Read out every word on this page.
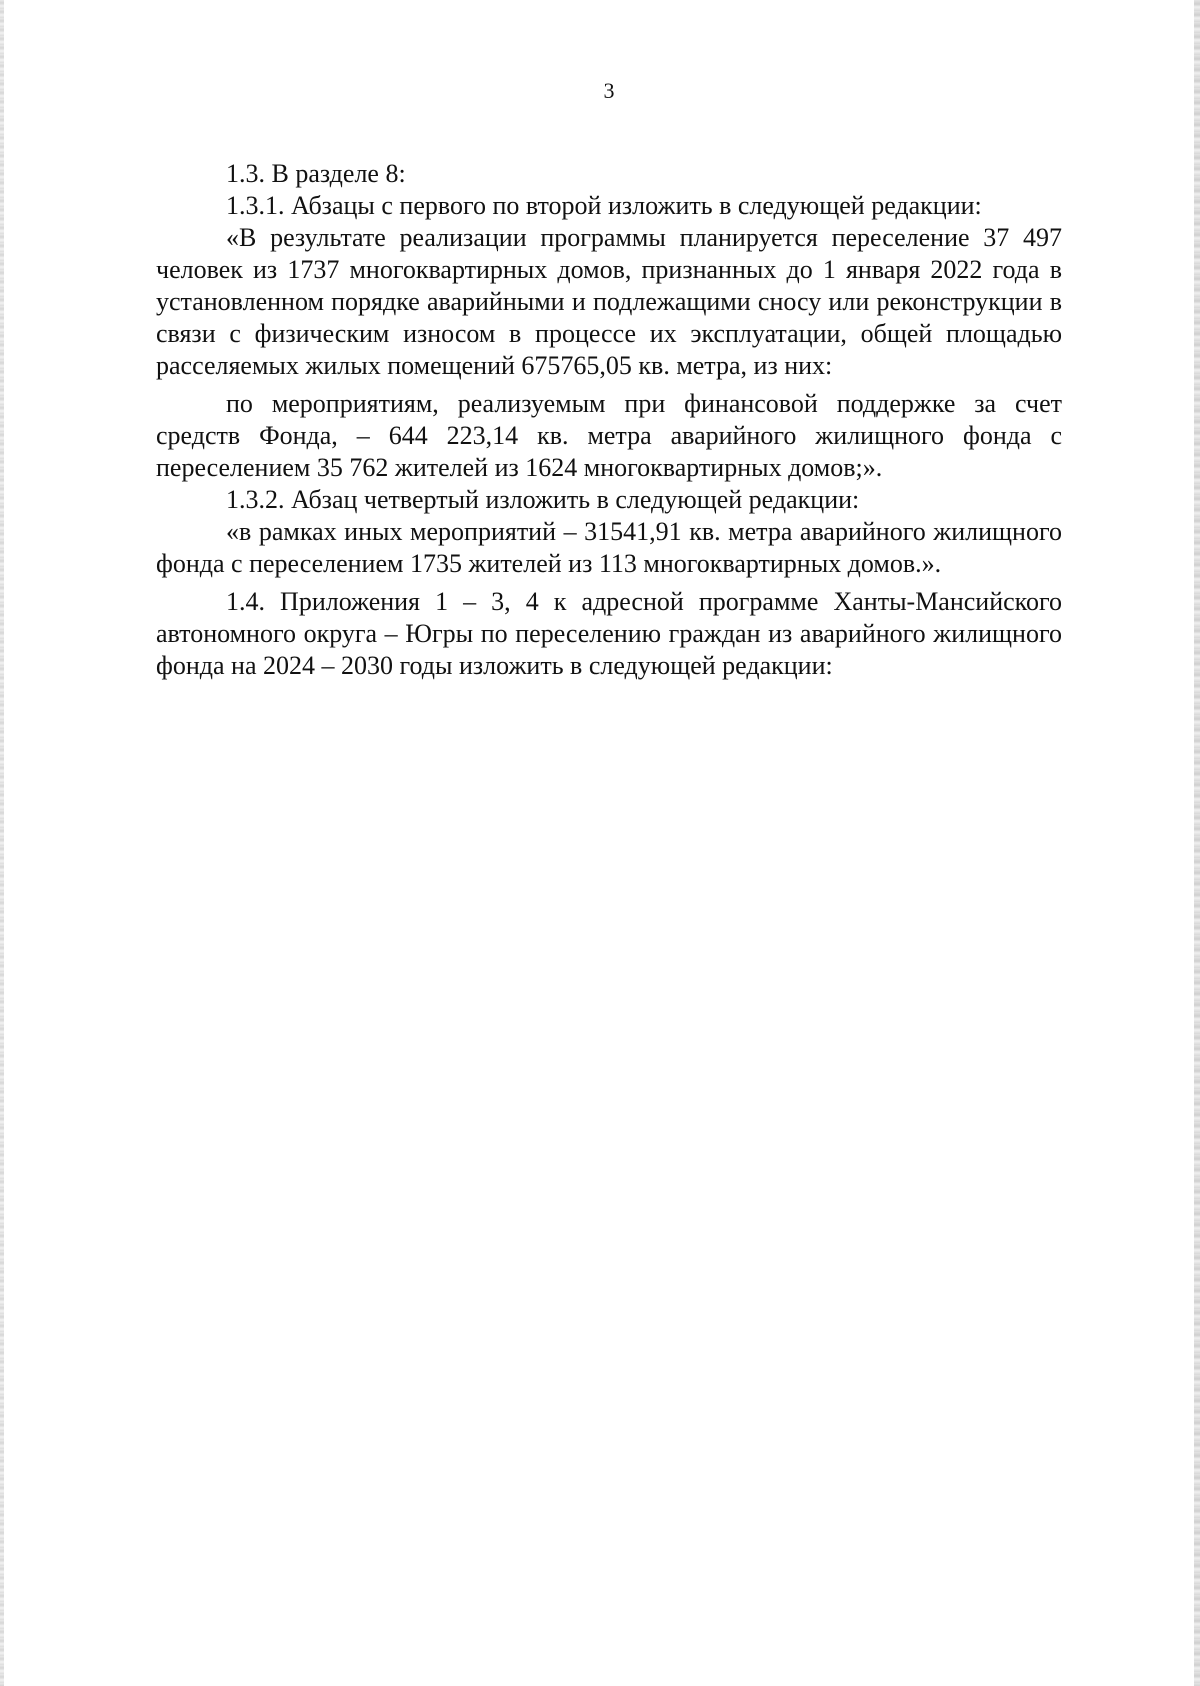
3

1.3. В разделе 8:

1.3.1. Абзацы с первого по второй изложить в следующей редакции:

«В результате реализации программы планируется переселение 37 497 человек из 1737 многоквартирных домов, признанных до 1 января 2022 года в установленном порядке аварийными и подлежащими сносу или реконструкции в связи с физическим износом в процессе их эксплуатации, общей площадью расселяемых жилых помещений 675765,05 кв. метра, из них:

по мероприятиям, реализуемым при финансовой поддержке за счет средств Фонда, – 644 223,14 кв. метра аварийного жилищного фонда с переселением 35 762 жителей из 1624 многоквартирных домов;».

1.3.2. Абзац четвертый изложить в следующей редакции:

«в рамках иных мероприятий – 31541,91 кв. метра аварийного жилищного фонда с переселением 1735 жителей из 113 многоквартирных домов.».

1.4. Приложения 1 – 3, 4 к адресной программе Ханты-Мансийского автономного округа – Югры по переселению граждан из аварийного жилищного фонда на 2024 – 2030 годы изложить в следующей редакции:
